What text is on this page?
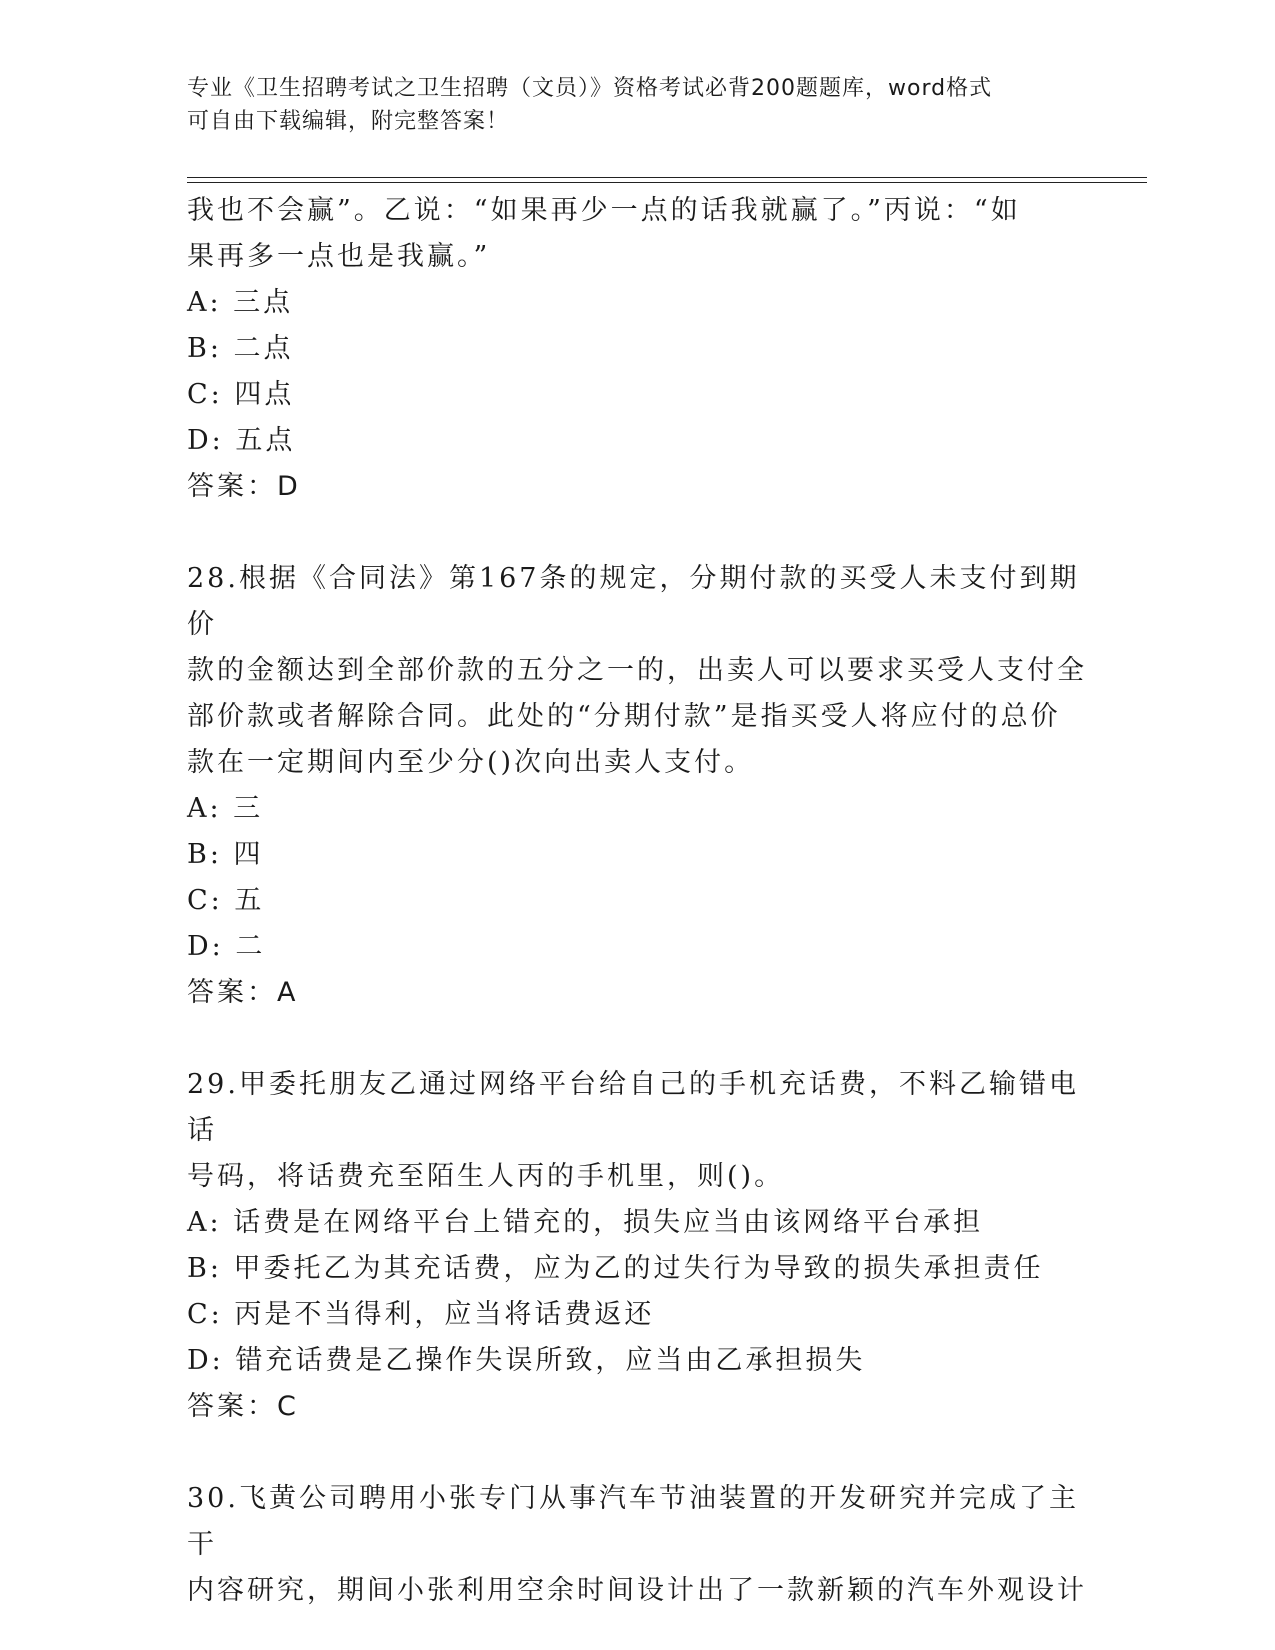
专业《卫生招聘考试之卫生招聘（文员）》资格考试必背200题题库，word格式
可自由下载编辑，附完整答案！

我也不会赢”。乙说：“如果再少一点的话我就赢了。”丙说：“如

果再多一点也是我赢。”

A: 三点

B: 二点

C: 四点

D: 五点

答案：D

28.根据《合同法》第167条的规定，分期付款的买受人未支付到期价

款的金额达到全部价款的五分之一的，出卖人可以要求买受人支付全

部价款或者解除合同。此处的“分期付款”是指买受人将应付的总价

款在一定期间内至少分()次向出卖人支付。

A: 三

B: 四

C: 五

D: 二

答案：A

29.甲委托朋友乙通过网络平台给自己的手机充话费，不料乙输错电话

号码，将话费充至陌生人丙的手机里，则()。

A: 话费是在网络平台上错充的，损失应当由该网络平台承担

B: 甲委托乙为其充话费，应为乙的过失行为导致的损失承担责任

C: 丙是不当得利，应当将话费返还

D: 错充话费是乙操作失误所致，应当由乙承担损失

答案：C

30.飞黄公司聘用小张专门从事汽车节油装置的开发研究并完成了主干

内容研究，期间小张利用空余时间设计出了一款新颖的汽车外观设计
